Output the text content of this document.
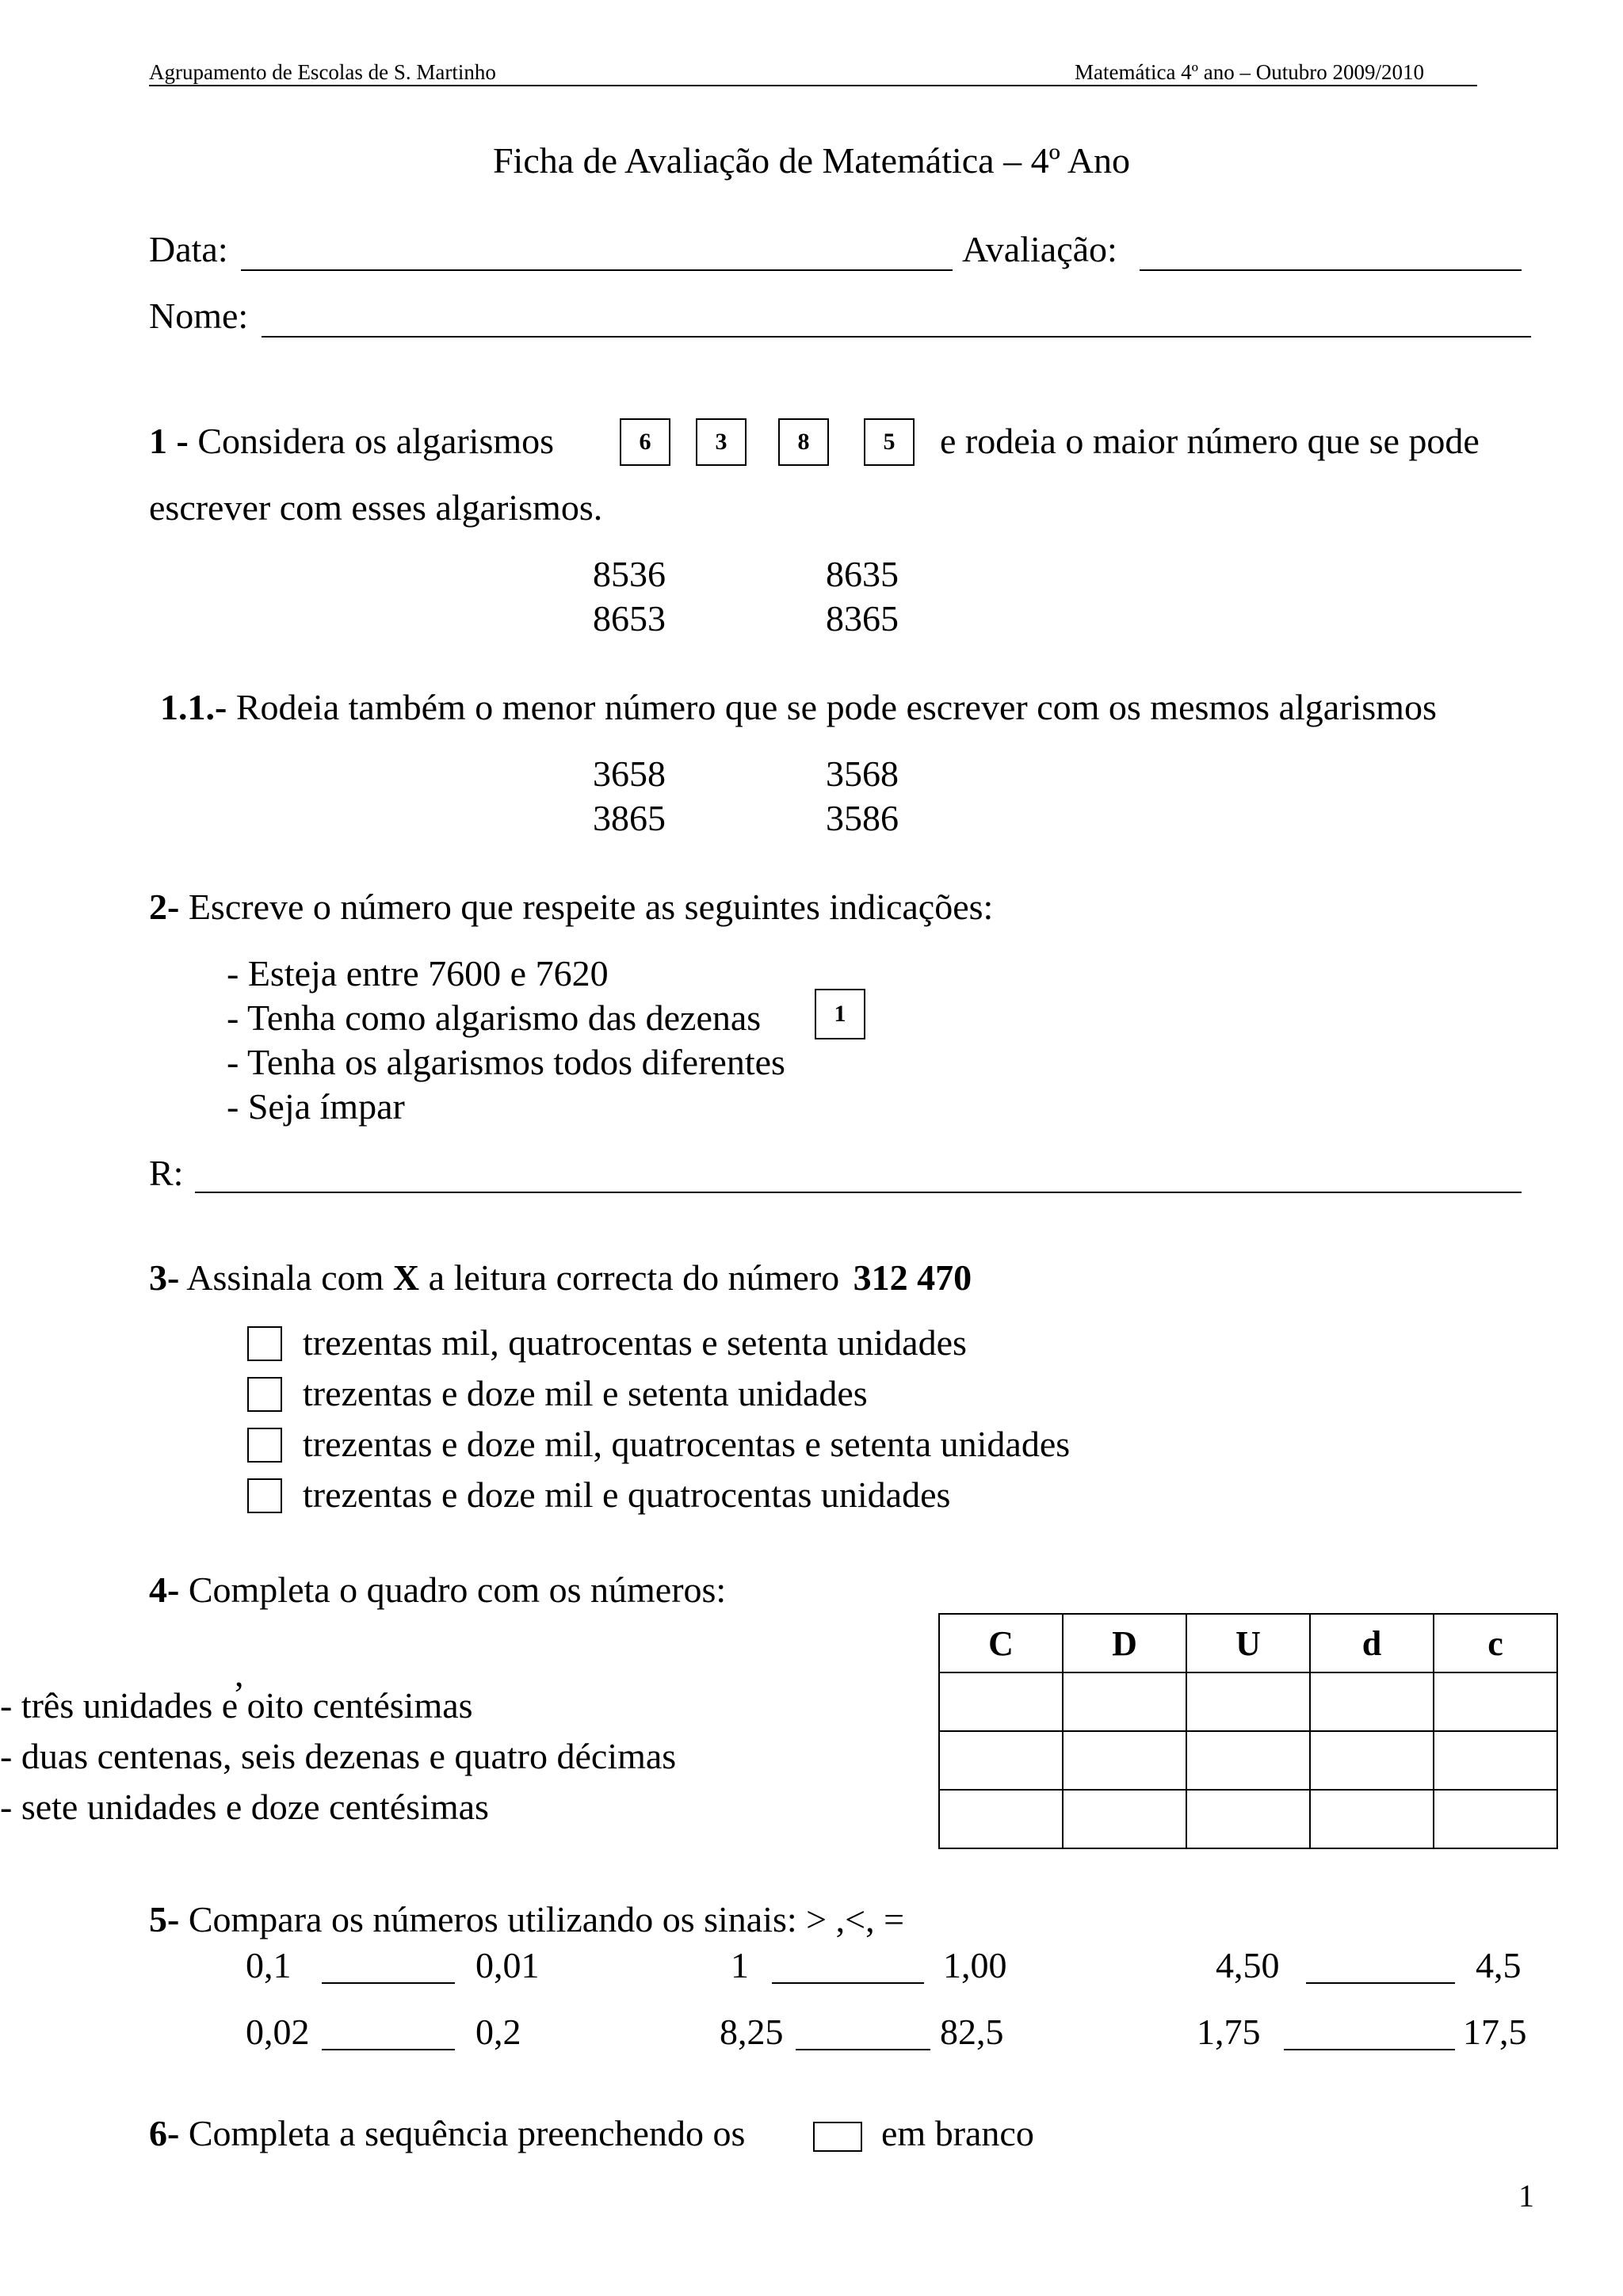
Agrupamento de Escolas de S. Martinho	Matemática 4º ano – Outubro 2009/2010
Ficha de Avaliação de Matemática – 4º Ano
Data:	Avaliação:
Nome:
1 - Considera os algarismos	6	3	8	5	e rodeia o maior número que se pode
escrever com esses algarismos.
8536	8635
8653	8365
1.1.- Rodeia também o menor número que se pode escrever com os mesmos algarismos
3658	3568
3865	3586
2- Escreve o número que respeite as seguintes indicações:
- Esteja entre 7600 e 7620
- Tenha como algarismo das dezenas	1
- Tenha os algarismos todos diferentes
- Seja ímpar
R:
3- Assinala com X a leitura correcta do número 312 470
trezentas mil, quatrocentas e setenta unidades
trezentas e doze mil e setenta unidades
trezentas e doze mil, quatrocentas e setenta unidades
trezentas e doze mil e quatrocentas unidades
4- Completa o quadro com os números:
,
- três unidades e oito centésimas
- duas centenas, seis dezenas e quatro décimas
- sete unidades e doze centésimas
C	D	U	d	c

5- Compara os números utilizando os sinais: > ,<, =
0,1	0,01	1	1,00	4,50	4,5
0,02	0,2	8,25	82,5	1,75	17,5
6- Completa a sequência preenchendo os	em branco
1
